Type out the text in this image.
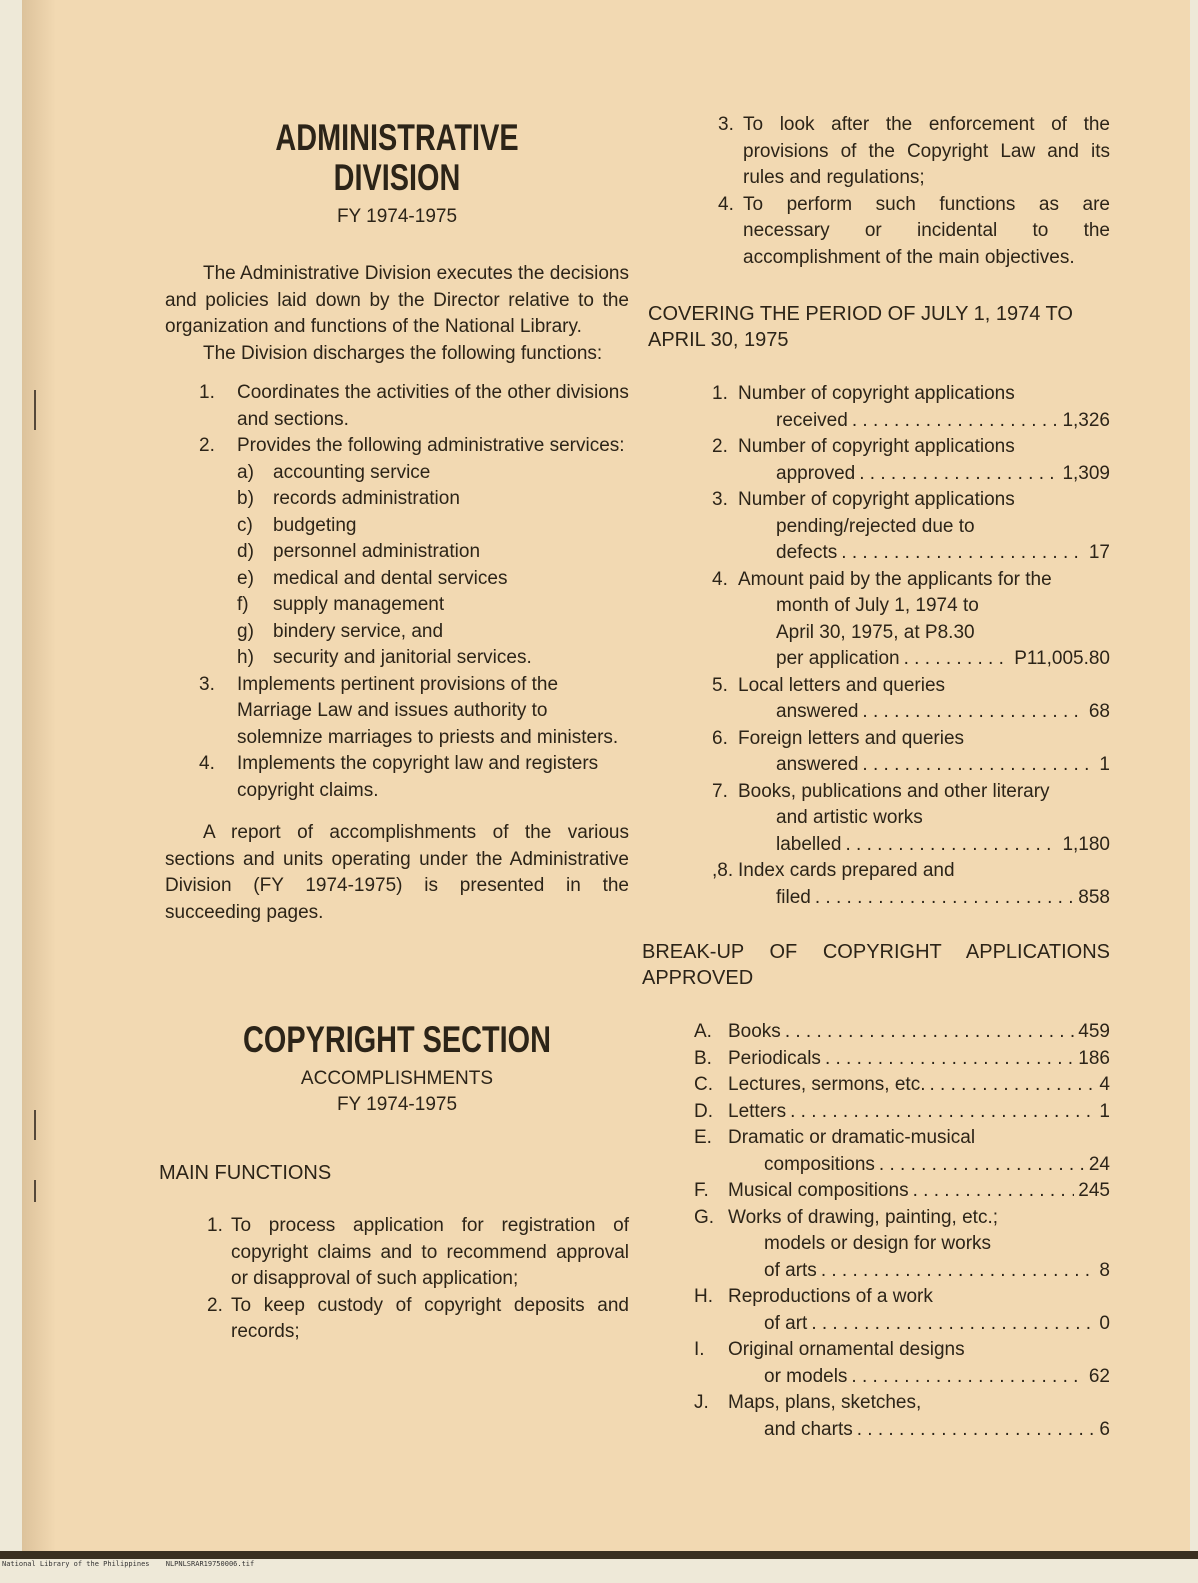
ADMINISTRATIVE DIVISION
FY 1974-1975

The Administrative Division executes the decisions and policies laid down by the Director relative to the organization and functions of the National Library.

The Division discharges the following functions:

1. Coordinates the activities of the other divisions and sections.
2. Provides the following administrative services:
a) accounting service
b) records administration
c) budgeting
d) personnel administration
e) medical and dental services
f) supply management
g) bindery service, and
h) security and janitorial services.
3. Implements pertinent provisions of the Marriage Law and issues authority to solemnize marriages to priests and ministers.
4. Implements the copyright law and registers copyright claims.

A report of accomplishments of the various sections and units operating under the Administrative Division (FY 1974-1975) is presented in the succeeding pages.

COPYRIGHT SECTION
ACCOMPLISHMENTS
FY 1974-1975
MAIN FUNCTIONS
1. To process application for registration of copyright claims and to recommend approval or disapproval of such application;
2. To keep custody of copyright deposits and records;
3. To look after the enforcement of the provisions of the Copyright Law and its rules and regulations;
4. To perform such functions as are necessary or incidental to the accomplishment of the main objectives.
COVERING THE PERIOD OF JULY 1, 1974 TO APRIL 30, 1975
1. Number of copyright applications
received . . .	1,326
2. Number of copyright applications
approved . . .	1,309
3. Number of copyright applications
pending/rejected due to
defects . . .	17
4. Amount paid by the applicants for the
month of July 1, 1974 to
April 30, 1975, at P8.30
per application . . .	P11,005.80
5. Local letters and queries
answered . . .	68
6. Foreign letters and queries
answered . . .	1
7. Books, publications and other literary
and artistic works
labelled . . .	1,180
,8. Index cards prepared and
filed . . .	858
BREAK-UP OF COPYRIGHT APPLICATIONS APPROVED
A. Books . . .	459
B. Periodicals . . .	186
C. Lectures, sermons, etc. . . .	4
D. Letters . . .	1
E. Dramatic or dramatic-musical
compositions . . .	24
F. Musical compositions . . .	245
G. Works of drawing, painting, etc.;
models or design for works
of arts . . .	8
H. Reproductions of a work
of art . . .	0
I. Original ornamental designs
or models . . .	62
J. Maps, plans, sketches,
and charts . . .	6
National Library of the Philippines NLPNLSRAR19750006.tif
